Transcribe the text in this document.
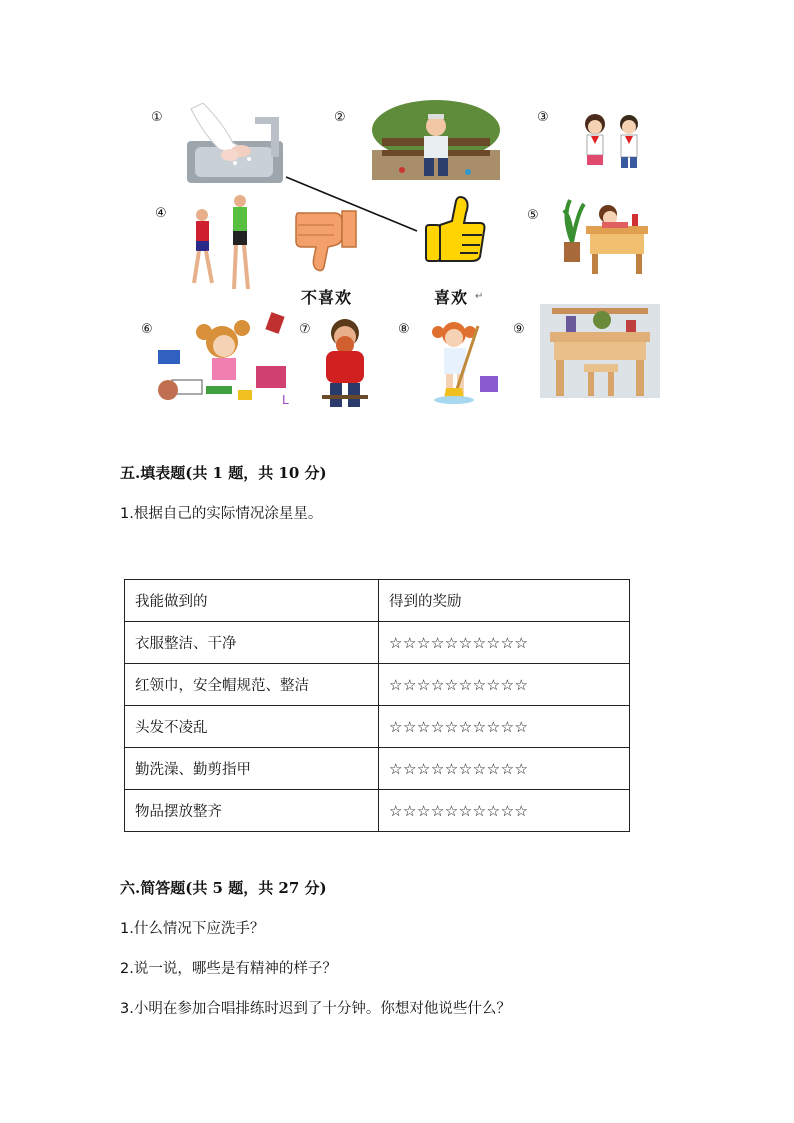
①	②	③
④	⑤
⑥	⑦	⑧	⑨
不喜欢	喜欢 ↵
L
五.填表题(共 1 题，共 10 分)
1.根据自己的实际情况涂星星。
我能做到的	得到的奖励
衣服整洁、干净	☆☆☆☆☆☆☆☆☆☆
红领巾，安全帽规范、整洁	☆☆☆☆☆☆☆☆☆☆
头发不凌乱	☆☆☆☆☆☆☆☆☆☆
勤洗澡、勤剪指甲	☆☆☆☆☆☆☆☆☆☆
物品摆放整齐	☆☆☆☆☆☆☆☆☆☆
六.简答题(共 5 题，共 27 分)
1.什么情况下应洗手？
2.说一说，哪些是有精神的样子？
3.小明在参加合唱排练时迟到了十分钟。你想对他说些什么？
